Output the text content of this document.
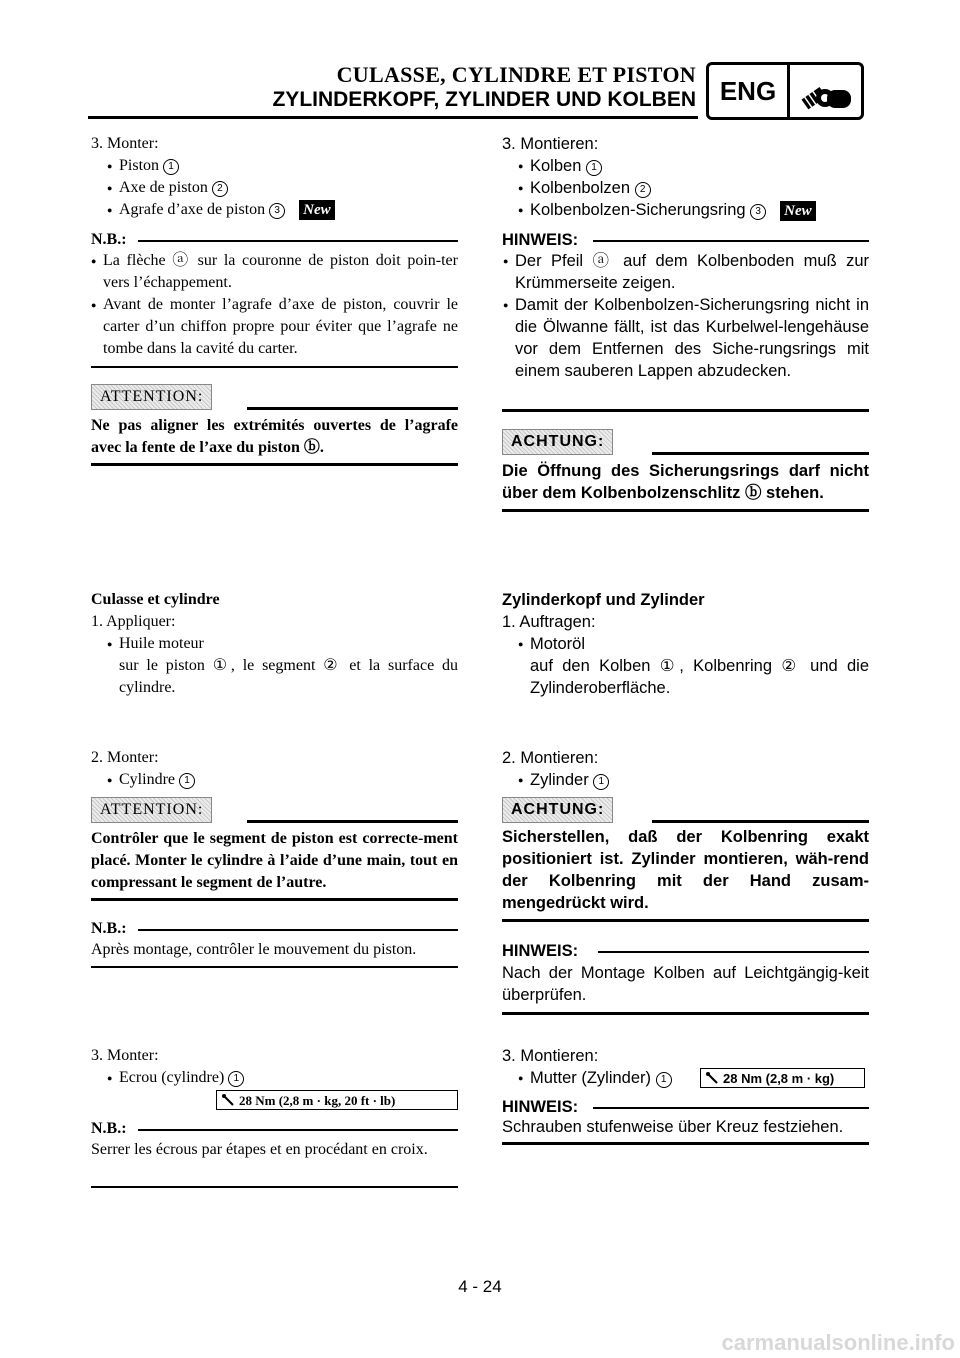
CULASSE, CYLINDRE ET PISTON
ZYLINDERKOPF, ZYLINDER UND KOLBEN ENG
3. Monter:
Piston 1
Axe de piston 2
Agrafe d’axe de piston 3 New
N.B.:
La flèche ⓐ sur la couronne de piston doit poin-ter vers l’échappement.
Avant de monter l’agrafe d’axe de piston, couvrir le carter d’un chiffon propre pour éviter que l’agrafe ne tombe dans la cavité du carter.
ATTENTION:
Ne pas aligner les extrémités ouvertes de l’agrafe avec la fente de l’axe du piston ⓑ.
Culasse et cylindre
1. Appliquer:
Huile moteur
sur le piston ①, le segment ② et la surface du cylindre.
2. Monter:
Cylindre 1
ATTENTION:
Contrôler que le segment de piston est correcte-ment placé. Monter le cylindre à l’aide d’une main, tout en compressant le segment de l’autre.
N.B.:
Après montage, contrôler le mouvement du piston.
3. Monter:
Ecrou (cylindre) 1
28 Nm (2,8 m · kg, 20 ft · lb)
N.B.:
Serrer les écrous par étapes et en procédant en croix.
3. Montieren:
Kolben 1
Kolbenbolzen 2
Kolbenbolzen-Sicherungsring 3 New
HINWEIS:
Der Pfeil ⓐ auf dem Kolbenboden muß zur Krümmerseite zeigen.
Damit der Kolbenbolzen-Sicherungsring nicht in die Ölwanne fällt, ist das Kurbelwel-lengehäuse vor dem Entfernen des Siche-rungsrings mit einem sauberen Lappen abzudecken.
ACHTUNG:
Die Öffnung des Sicherungsrings darf nicht über dem Kolbenbolzenschlitz ⓑ stehen.
Zylinderkopf und Zylinder
1. Auftragen:
Motoröl
auf den Kolben ①, Kolbenring ② und die Zylinderoberfläche.
2. Montieren:
Zylinder 1
ACHTUNG:
Sicherstellen, daß der Kolbenring exakt positioniert ist. Zylinder montieren, wäh-rend der Kolbenring mit der Hand zusam-mengedrückt wird.
HINWEIS:
Nach der Montage Kolben auf Leichtgängig-keit überprüfen.
3. Montieren:
Mutter (Zylinder) 1	28 Nm (2,8 m · kg)
HINWEIS:
Schrauben stufenweise über Kreuz festziehen.
4 - 24
carmanualsonline.info
